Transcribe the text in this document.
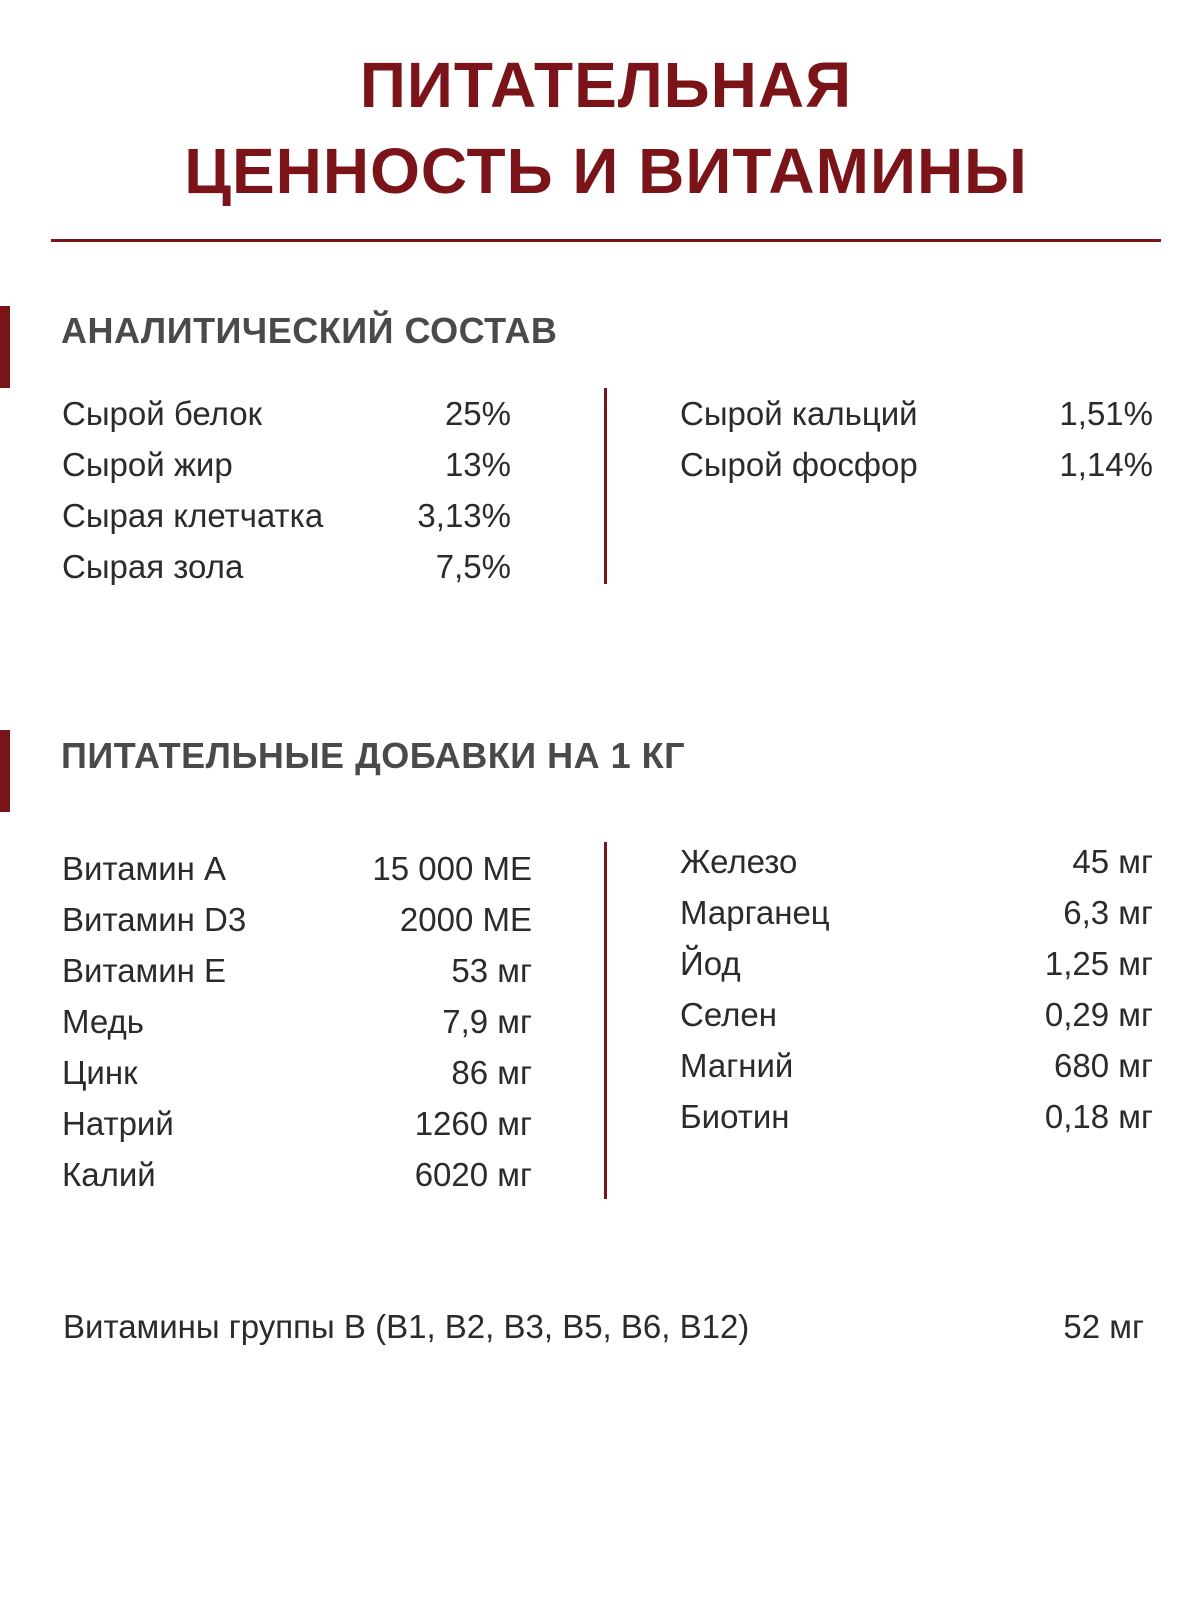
ПИТАТЕЛЬНАЯ
ЦЕННОСТЬ И ВИТАМИНЫ
АНАЛИТИЧЕСКИЙ СОСТАВ
Сырой белок	25%
Сырой жир	13%
Сырая клетчатка	3,13%
Сырая зола	7,5%
Сырой кальций	1,51%
Сырой фосфор	1,14%
ПИТАТЕЛЬНЫЕ ДОБАВКИ НА 1 КГ
Витамин А	15 000 МЕ
Витамин D3	2000 МЕ
Витамин Е	53 мг
Медь	7,9 мг
Цинк	86 мг
Натрий	1260 мг
Калий	6020 мг
Железо	45 мг
Марганец	6,3 мг
Йод	1,25 мг
Селен	0,29 мг
Магний	680 мг
Биотин	0,18 мг
Витамины группы В (В1, В2, В3, В5, В6, В12)	52 мг
